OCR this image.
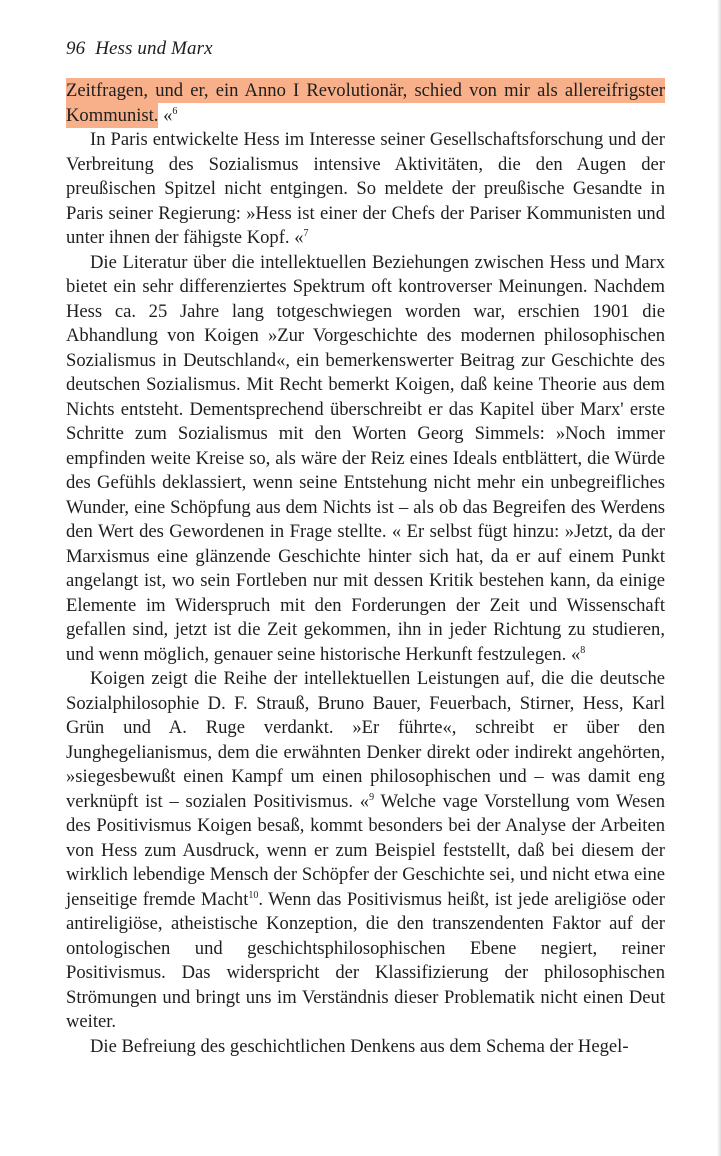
96 Hess und Marx

Zeitfragen, und er, ein Anno I Revolutionär, schied von mir als allereifrigster Kommunist. «$^6$

In Paris entwickelte Hess im Interesse seiner Gesellschaftsforschung und der Verbreitung des Sozialismus intensive Aktivitäten, die den Augen der preußischen Spitzel nicht entgingen. So meldete der preußische Gesandte in Paris seiner Regierung: »Hess ist einer der Chefs der Pariser Kommunisten und unter ihnen der fähigste Kopf. «$^7$

Die Literatur über die intellektuellen Beziehungen zwischen Hess und Marx bietet ein sehr differenziertes Spektrum oft kontroverser Meinungen. Nachdem Hess ca. 25 Jahre lang totgeschwiegen worden war, erschien 1901 die Abhandlung von Koigen »Zur Vorgeschichte des modernen philosophischen Sozialismus in Deutschland«, ein bemerkenswerter Beitrag zur Geschichte des deutschen Sozialismus. Mit Recht bemerkt Koigen, daß keine Theorie aus dem Nichts entsteht. Dementsprechend überschreibt er das Kapitel über Marx' erste Schritte zum Sozialismus mit den Worten Georg Simmels: »Noch immer empfinden weite Kreise so, als wäre der Reiz eines Ideals entblättert, die Würde des Gefühls deklassiert, wenn seine Entstehung nicht mehr ein unbegreifliches Wunder, eine Schöpfung aus dem Nichts ist – als ob das Begreifen des Werdens den Wert des Gewordenen in Frage stellte. « Er selbst fügt hinzu: »Jetzt, da der Marxismus eine glänzende Geschichte hinter sich hat, da er auf einem Punkt angelangt ist, wo sein Fortleben nur mit dessen Kritik bestehen kann, da einige Elemente im Widerspruch mit den Forderungen der Zeit und Wissenschaft gefallen sind, jetzt ist die Zeit gekommen, ihn in jeder Richtung zu studieren, und wenn möglich, genauer seine historische Herkunft festzulegen. «$^8$

Koigen zeigt die Reihe der intellektuellen Leistungen auf, die die deutsche Sozialphilosophie D. F. Strauß, Bruno Bauer, Feuerbach, Stirner, Hess, Karl Grün und A. Ruge verdankt. »Er führte«, schreibt er über den Junghegelianismus, dem die erwähnten Denker direkt oder indirekt angehörten, »siegesbewußt einen Kampf um einen philosophischen und – was damit eng verknüpft ist – sozialen Positivismus. «$^9$ Welche vage Vorstellung vom Wesen des Positivismus Koigen besaß, kommt besonders bei der Analyse der Arbeiten von Hess zum Ausdruck, wenn er zum Beispiel feststellt, daß bei diesem der wirklich lebendige Mensch der Schöpfer der Geschichte sei, und nicht etwa eine jenseitige fremde Macht$^{10}$. Wenn das Positivismus heißt, ist jede areligiöse oder antireligiöse, atheistische Konzeption, die den transzendenten Faktor auf der ontologischen und geschichtsphilosophischen Ebene negiert, reiner Positivismus. Das widerspricht der Klassifizierung der philosophischen Strömungen und bringt uns im Verständnis dieser Problematik nicht einen Deut weiter.

Die Befreiung des geschichtlichen Denkens aus dem Schema der Hegel-
